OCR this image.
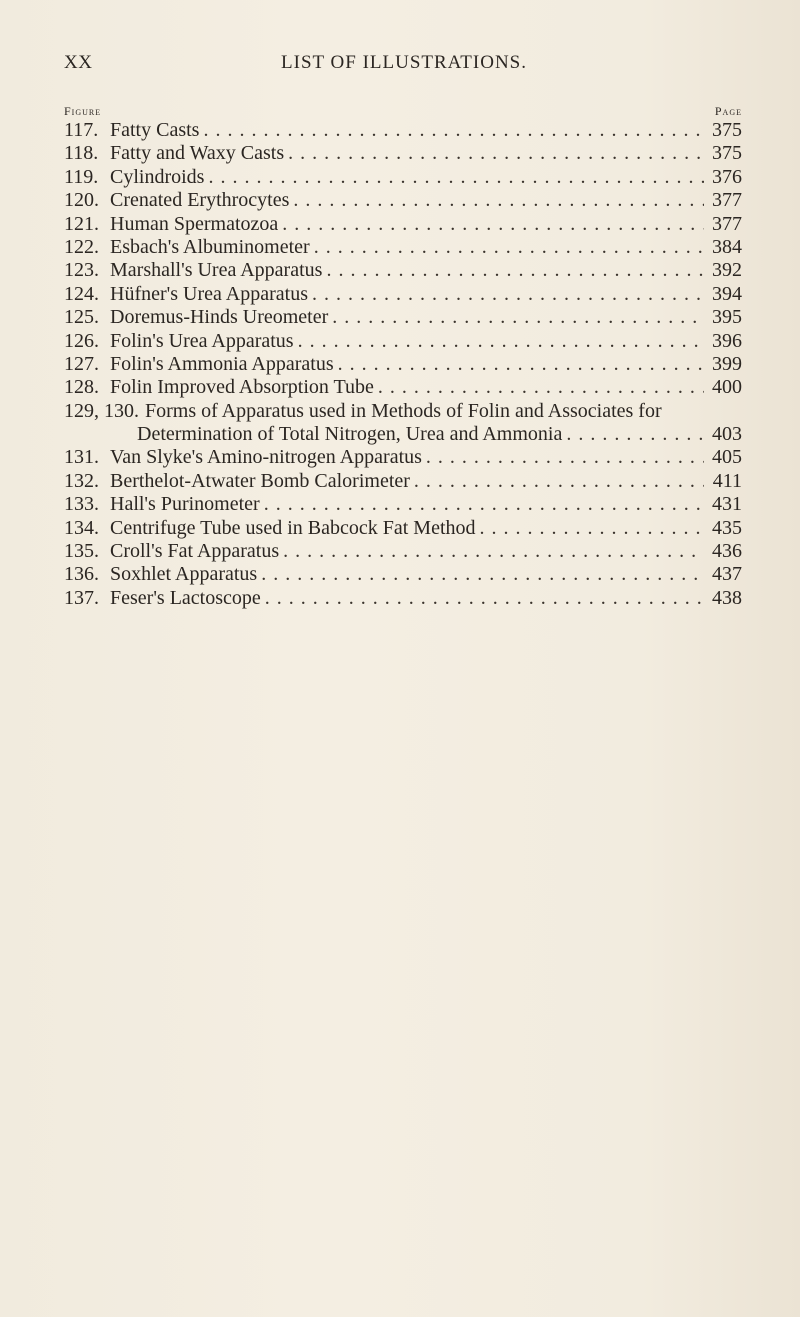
XX	LIST OF ILLUSTRATIONS.
Figure	Page
117. Fatty Casts . . .	375
118. Fatty and Waxy Casts . . .	375
119. Cylindroids . . .	376
120. Crenated Erythrocytes . . .	377
121. Human Spermatozoa . . .	377
122. Esbach's Albuminometer . . .	384
123. Marshall's Urea Apparatus . . .	392
124. Hüfner's Urea Apparatus . . .	394
125. Doremus-Hinds Ureometer . . .	395
126. Folin's Urea Apparatus . . .	396
127. Folin's Ammonia Apparatus . . .	399
128. Folin Improved Absorption Tube . . .	400
129, 130. Forms of Apparatus used in Methods of Folin and Associates for
Determination of Total Nitrogen, Urea and Ammonia . . .	403
131. Van Slyke's Amino-nitrogen Apparatus . . .	405
132. Berthelot-Atwater Bomb Calorimeter . . .	411
133. Hall's Purinometer . . .	431
134. Centrifuge Tube used in Babcock Fat Method . . .	435
135. Croll's Fat Apparatus . . .	436
136. Soxhlet Apparatus . . .	437
137. Feser's Lactoscope . . .	438
